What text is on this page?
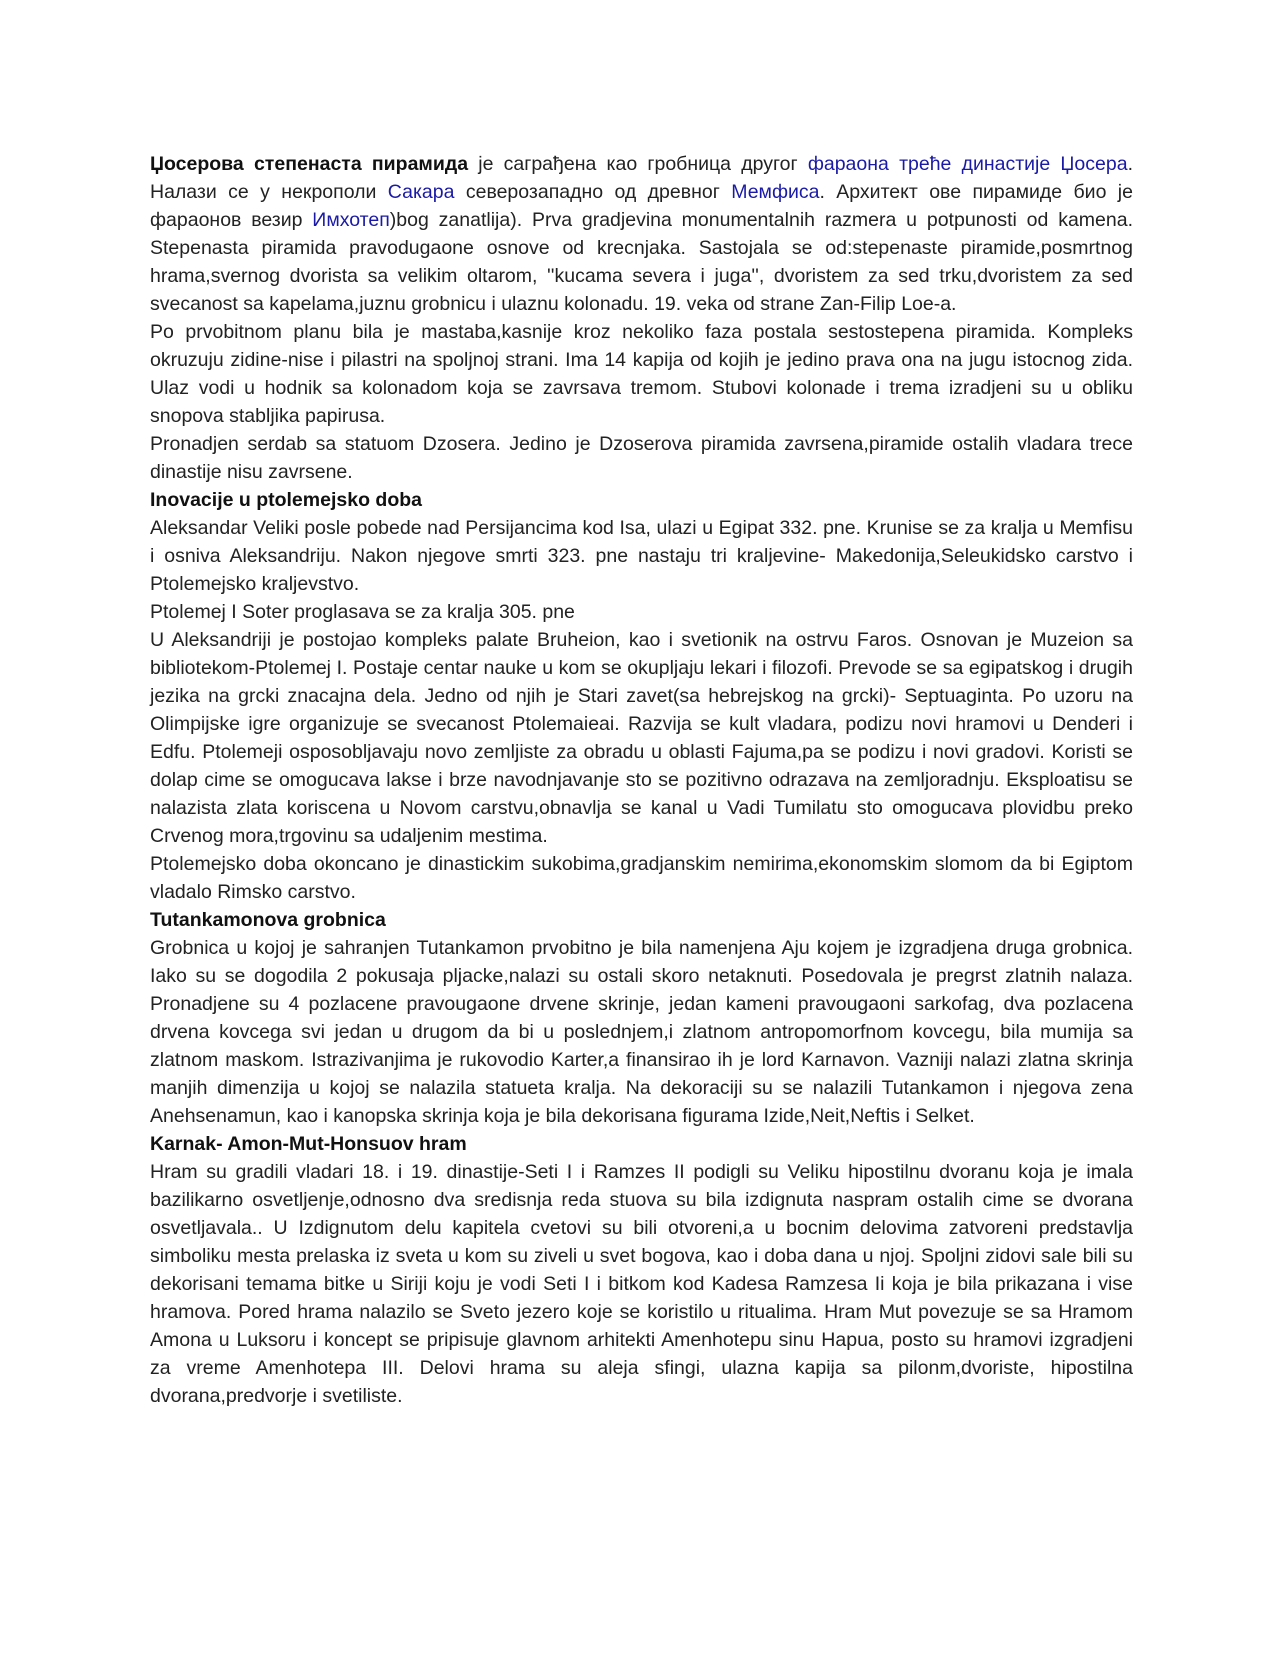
Џосерова степенаста пирамида је саграђена као гробница другог фараона треће династије Џосера. Налази се у некрополи Сакара северозападно од древног Мемфиса. Архитект ове пирамиде био је фараонов везир Имхотеп)bog zanatlija). Prva gradjevina monumentalnih razmera u potpunosti od kamena. Stepenasta piramida pravodugaone osnove od krecnjaka. Sastojala se od:stepenaste piramide,posmrtnog hrama,svernog dvorista sa velikim oltarom, ''kucama severa i juga'', dvoristem za sed trku,dvoristem za sed svecanost sa kapelama,juznu grobnicu i ulaznu kolonadu. 19. veka od strane Zan-Filip Loe-a.

Po prvobitnom planu bila je mastaba,kasnije kroz nekoliko faza postala sestostepena piramida. Kompleks okruzuju zidine-nise i pilastri na spoljnoj strani. Ima 14 kapija od kojih je jedino prava ona na jugu istocnog zida. Ulaz vodi u hodnik sa kolonadom koja se zavrsava tremom. Stubovi kolonade i trema izradjeni su u obliku snopova stabljika papirusa.

Pronadjen serdab sa statuom Dzosera. Jedino je Dzoserova piramida zavrsena,piramide ostalih vladara trece dinastije nisu zavrsene.

Inovacije u ptolemejsko doba

Aleksandar Veliki posle pobede nad Persijancima kod Isa, ulazi u Egipat 332. pne. Krunise se za kralja u Memfisu i osniva Aleksandriju. Nakon njegove smrti 323. pne nastaju tri kraljevine- Makedonija,Seleukidsko carstvo i Ptolemejsko kraljevstvo.

Ptolemej I Soter proglasava se za kralja 305. pne

U Aleksandriji je postojao kompleks palate Bruheion, kao i svetionik na ostrvu Faros. Osnovan je Muzeion sa bibliotekom-Ptolemej I. Postaje centar nauke u kom se okupljaju lekari i filozofi. Prevode se sa egipatskog i drugih jezika na grcki znacajna dela. Jedno od njih je Stari zavet(sa hebrejskog na grcki)- Septuaginta. Po uzoru na Olimpijske igre organizuje se svecanost Ptolemaieai. Razvija se kult vladara, podizu novi hramovi u Denderi i Edfu. Ptolemeji osposobljavaju novo zemljiste za obradu u oblasti Fajuma,pa se podizu i novi gradovi. Koristi se dolap cime se omogucava lakse i brze navodnjavanje sto se pozitivno odrazava na zemljoradnju. Eksploatisu se nalazista zlata koriscena u Novom carstvu,obnavlja se kanal u Vadi Tumilatu sto omogucava plovidbu preko Crvenog mora,trgovinu sa udaljenim mestima.

Ptolemejsko doba okoncano je dinastickim sukobima,gradjanskim nemirima,ekonomskim slomom da bi Egiptom vladalo Rimsko carstvo.

Tutankamonova grobnica

Grobnica u kojoj je sahranjen Tutankamon prvobitno je bila namenjena Aju kojem je izgradjena druga grobnica. Iako su se dogodila 2 pokusaja pljacke,nalazi su ostali skoro netaknuti. Posedovala je pregrst zlatnih nalaza. Pronadjene su 4 pozlacene pravougaone drvene skrinje, jedan kameni pravougaoni sarkofag, dva pozlacena drvena kovcega svi jedan u drugom da bi u poslednjem,i zlatnom antropomorfnom kovcegu, bila mumija sa zlatnom maskom. Istrazivanjima je rukovodio Karter,a finansirao ih je lord Karnavon. Vazniji nalazi zlatna skrinja manjih dimenzija u kojoj se nalazila statueta kralja. Na dekoraciji su se nalazili Tutankamon i njegova zena Anehsenamun, kao i kanopska skrinja koja je bila dekorisana figurama Izide,Neit,Neftis i Selket.

Karnak- Amon-Mut-Honsuov hram

Hram su gradili vladari 18. i 19. dinastije-Seti I i Ramzes II podigli su Veliku hipostilnu dvoranu koja je imala bazilikarno osvetljenje,odnosno dva sredisnja reda stuova su bila izdignuta naspram ostalih cime se dvorana osvetljavala.. U Izdignutom delu kapitela cvetovi su bili otvoreni,a u bocnim delovima zatvoreni predstavlja simboliku mesta prelaska iz sveta u kom su ziveli u svet bogova, kao i doba dana u njoj. Spoljni zidovi sale bili su dekorisani temama bitke u Siriji koju je vodi Seti I i bitkom kod Kadesa Ramzesa Ii koja je bila prikazana i vise hramova. Pored hrama nalazilo se Sveto jezero koje se koristilo u ritualima. Hram Mut povezuje se sa Hramom Amona u Luksoru i koncept se pripisuje glavnom arhitekti Amenhotepu sinu Hapua, posto su hramovi izgradjeni za vreme Amenhotepa III. Delovi hrama su aleja sfingi, ulazna kapija sa pilonm,dvoriste, hipostilna dvorana,predvorje i svetiliste.
